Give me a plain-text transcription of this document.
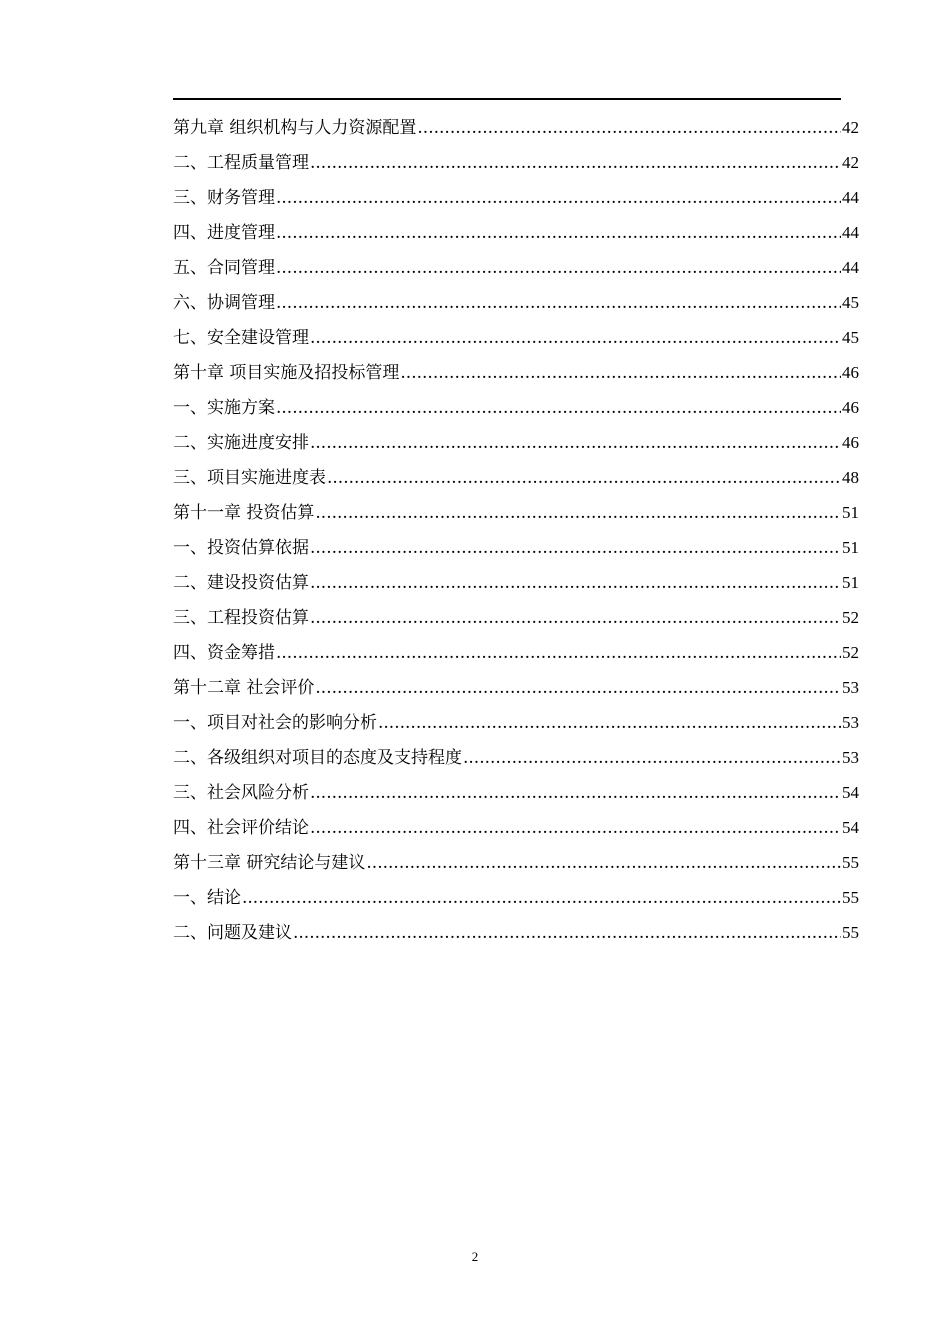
第九章 组织机构与人力资源配置 .....	42
二、工程质量管理 .....	42
三、财务管理 .....	44
四、进度管理 .....	44
五、合同管理 .....	44
六、协调管理 .....	45
七、安全建设管理 .....	45
第十章 项目实施及招投标管理 .....	46
一、实施方案 .....	46
二、实施进度安排 .....	46
三、项目实施进度表 .....	48
第十一章 投资估算 .....	51
一、投资估算依据 .....	51
二、建设投资估算 .....	51
三、工程投资估算 .....	52
四、资金筹措 .....	52
第十二章 社会评价 .....	53
一、项目对社会的影响分析 .....	53
二、各级组织对项目的态度及支持程度 .....	53
三、社会风险分析 .....	54
四、社会评价结论 .....	54
第十三章 研究结论与建议 .....	55
一、结论 .....	55
二、问题及建议 .....	55
2
